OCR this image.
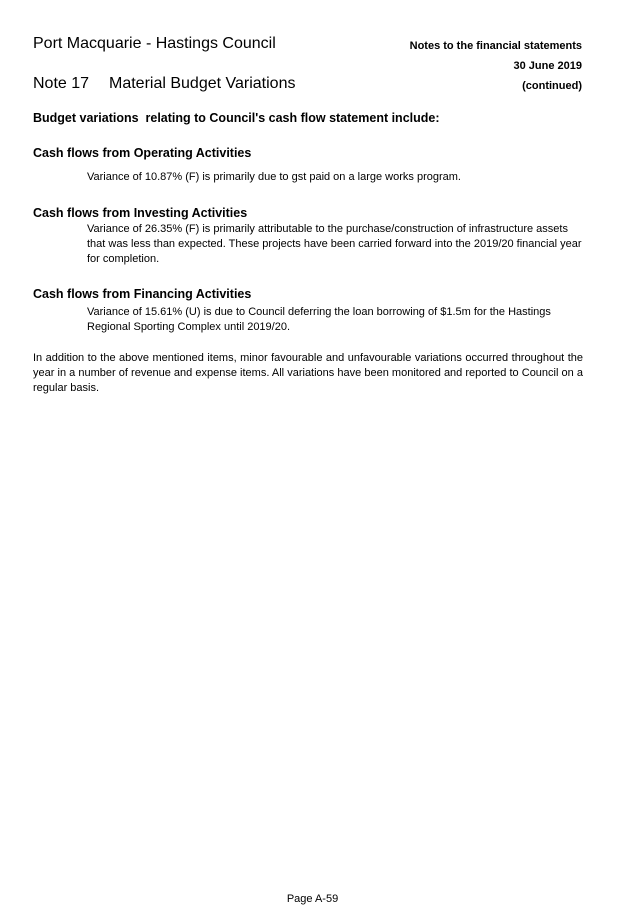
Port Macquarie - Hastings Council	Notes to the financial statements
30 June 2019
(continued)
Note 17 Material Budget Variations
Budget variations  relating to Council's cash flow statement include:
Cash flows from Operating Activities
Variance of 10.87% (F) is primarily due to gst paid on a large works program.
Cash flows from Investing Activities
Variance of 26.35% (F) is primarily attributable to the purchase/construction of infrastructure assets that was less than expected. These projects have been carried forward into the 2019/20 financial year for completion.
Cash flows from Financing Activities
Variance of 15.61% (U) is due to Council deferring the loan borrowing of $1.5m for the Hastings Regional Sporting Complex until 2019/20.
In addition to the above mentioned items, minor favourable and unfavourable variations occurred throughout the year in a number of revenue and expense items. All variations have been monitored and reported to Council on a regular basis.
Page A-59
